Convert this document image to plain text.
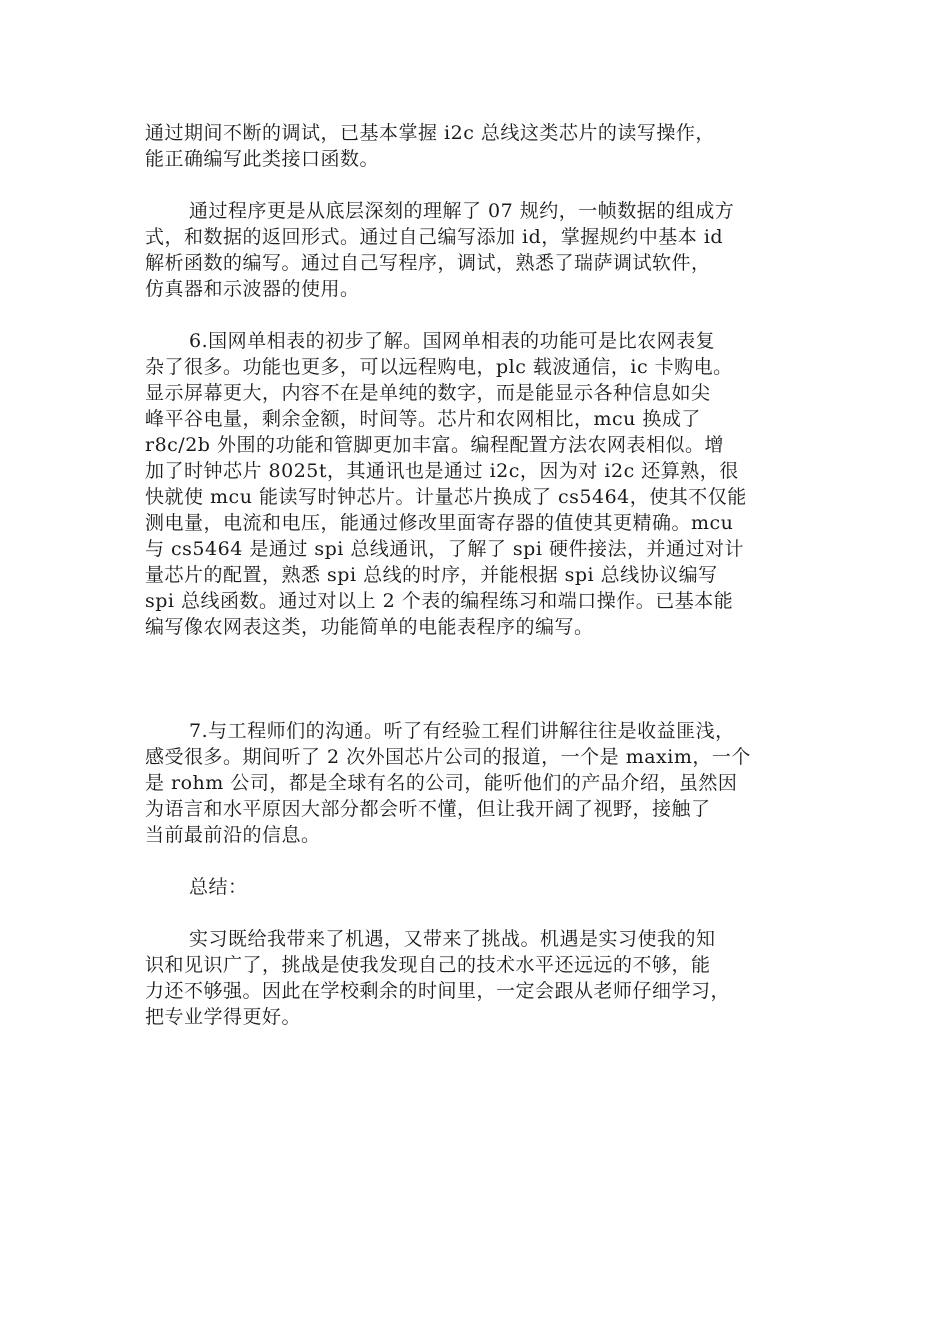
通过期间不断的调试，已基本掌握 i2c 总线这类芯片的读写操作，
能正确编写此类接口函数。

通过程序更是从底层深刻的理解了 07 规约，一帧数据的组成方
式，和数据的返回形式。通过自己编写添加 id，掌握规约中基本 id
解析函数的编写。通过自己写程序，调试，熟悉了瑞萨调试软件，
仿真器和示波器的使用。

6.国网单相表的初步了解。国网单相表的功能可是比农网表复
杂了很多。功能也更多，可以远程购电，plc 载波通信，ic 卡购电。
显示屏幕更大，内容不在是单纯的数字，而是能显示各种信息如尖
峰平谷电量，剩余金额，时间等。芯片和农网相比，mcu 换成了
r8c/2b 外围的功能和管脚更加丰富。编程配置方法农网表相似。增
加了时钟芯片 8025t，其通讯也是通过 i2c，因为对 i2c 还算熟，很
快就使 mcu 能读写时钟芯片。计量芯片换成了 cs5464，使其不仅能
测电量，电流和电压，能通过修改里面寄存器的值使其更精确。mcu
与 cs5464 是通过 spi 总线通讯，了解了 spi 硬件接法，并通过对计
量芯片的配置，熟悉 spi 总线的时序，并能根据 spi 总线协议编写
spi 总线函数。通过对以上 2 个表的编程练习和端口操作。已基本能
编写像农网表这类，功能简单的电能表程序的编写。

7.与工程师们的沟通。听了有经验工程们讲解往往是收益匪浅，
感受很多。期间听了 2 次外国芯片公司的报道，一个是 maxim，一个
是 rohm 公司，都是全球有名的公司，能听他们的产品介绍，虽然因
为语言和水平原因大部分都会听不懂，但让我开阔了视野，接触了
当前最前沿的信息。

总结：

实习既给我带来了机遇，又带来了挑战。机遇是实习使我的知
识和见识广了，挑战是使我发现自己的技术水平还远远的不够，能
力还不够强。因此在学校剩余的时间里，一定会跟从老师仔细学习，
把专业学得更好。
